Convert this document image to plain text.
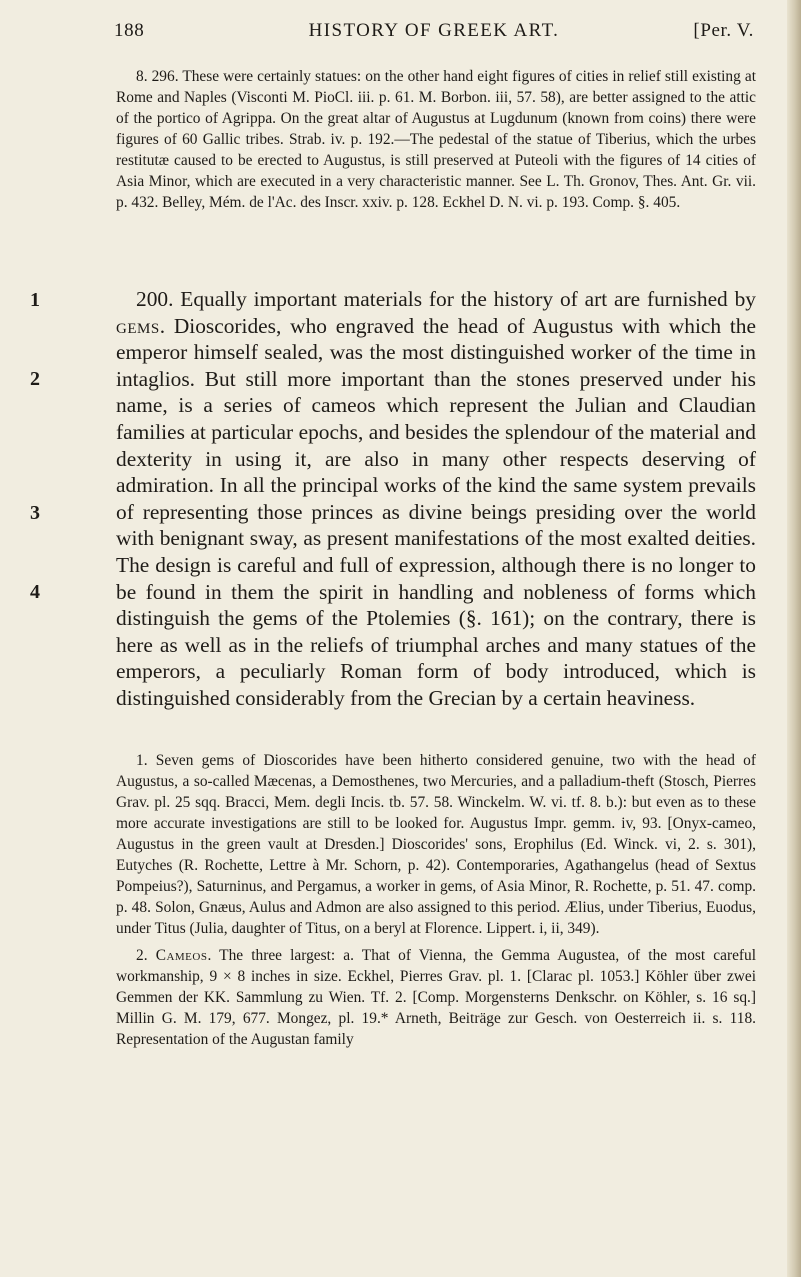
188	HISTORY OF GREEK ART.	[Per. V.

8. 296. These were certainly statues: on the other hand eight figures of cities in relief still existing at Rome and Naples (Visconti M. PioCl. iii. p. 61. M. Borbon. iii, 57. 58), are better assigned to the attic of the portico of Agrippa. On the great altar of Augustus at Lugdunum (known from coins) there were figures of 60 Gallic tribes. Strab. iv. p. 192.—The pedestal of the statue of Tiberius, which the urbes restitutæ caused to be erected to Augustus, is still preserved at Puteoli with the figures of 14 cities of Asia Minor, which are executed in a very characteristic manner. See L. Th. Gronov, Thes. Ant. Gr. vii. p. 432. Belley, Mém. de l'Ac. des Inscr. xxiv. p. 128. Eckhel D. N. vi. p. 193. Comp. §. 405.

1
2
3
4

200. Equally important materials for the history of art are furnished by gems. Dioscorides, who engraved the head of Augustus with which the emperor himself sealed, was the most distinguished worker of the time in intaglios. But still more important than the stones preserved under his name, is a series of cameos which represent the Julian and Claudian families at particular epochs, and besides the splendour of the material and dexterity in using it, are also in many other respects deserving of admiration. In all the principal works of the kind the same system prevails of representing those princes as divine beings presiding over the world with benignant sway, as present manifestations of the most exalted deities. The design is careful and full of expression, although there is no longer to be found in them the spirit in handling and nobleness of forms which distinguish the gems of the Ptolemies (§. 161); on the contrary, there is here as well as in the reliefs of triumphal arches and many statues of the emperors, a peculiarly Roman form of body introduced, which is distinguished considerably from the Grecian by a certain heaviness.

1. Seven gems of Dioscorides have been hitherto considered genuine, two with the head of Augustus, a so-called Mæcenas, a Demosthenes, two Mercuries, and a palladium-theft (Stosch, Pierres Grav. pl. 25 sqq. Bracci, Mem. degli Incis. tb. 57. 58. Winckelm. W. vi. tf. 8. b.): but even as to these more accurate investigations are still to be looked for. Augustus Impr. gemm. iv, 93. [Onyx-cameo, Augustus in the green vault at Dresden.] Dioscorides' sons, Erophilus (Ed. Winck. vi, 2. s. 301), Eutyches (R. Rochette, Lettre à Mr. Schorn, p. 42). Contemporaries, Agathangelus (head of Sextus Pompeius?), Saturninus, and Pergamus, a worker in gems, of Asia Minor, R. Rochette, p. 51. 47. comp. p. 48. Solon, Gnæus, Aulus and Admon are also assigned to this period. Ælius, under Tiberius, Euodus, under Titus (Julia, daughter of Titus, on a beryl at Florence. Lippert. i, ii, 349).

2. Cameos. The three largest: a. That of Vienna, the Gemma Augustea, of the most careful workmanship, 9 × 8 inches in size. Eckhel, Pierres Grav. pl. 1. [Clarac pl. 1053.] Köhler über zwei Gemmen der KK. Sammlung zu Wien. Tf. 2. [Comp. Morgensterns Denkschr. on Köhler, s. 16 sq.] Millin G. M. 179, 677. Mongez, pl. 19.* Arneth, Beiträge zur Gesch. von Oesterreich ii. s. 118. Representation of the Augustan family
